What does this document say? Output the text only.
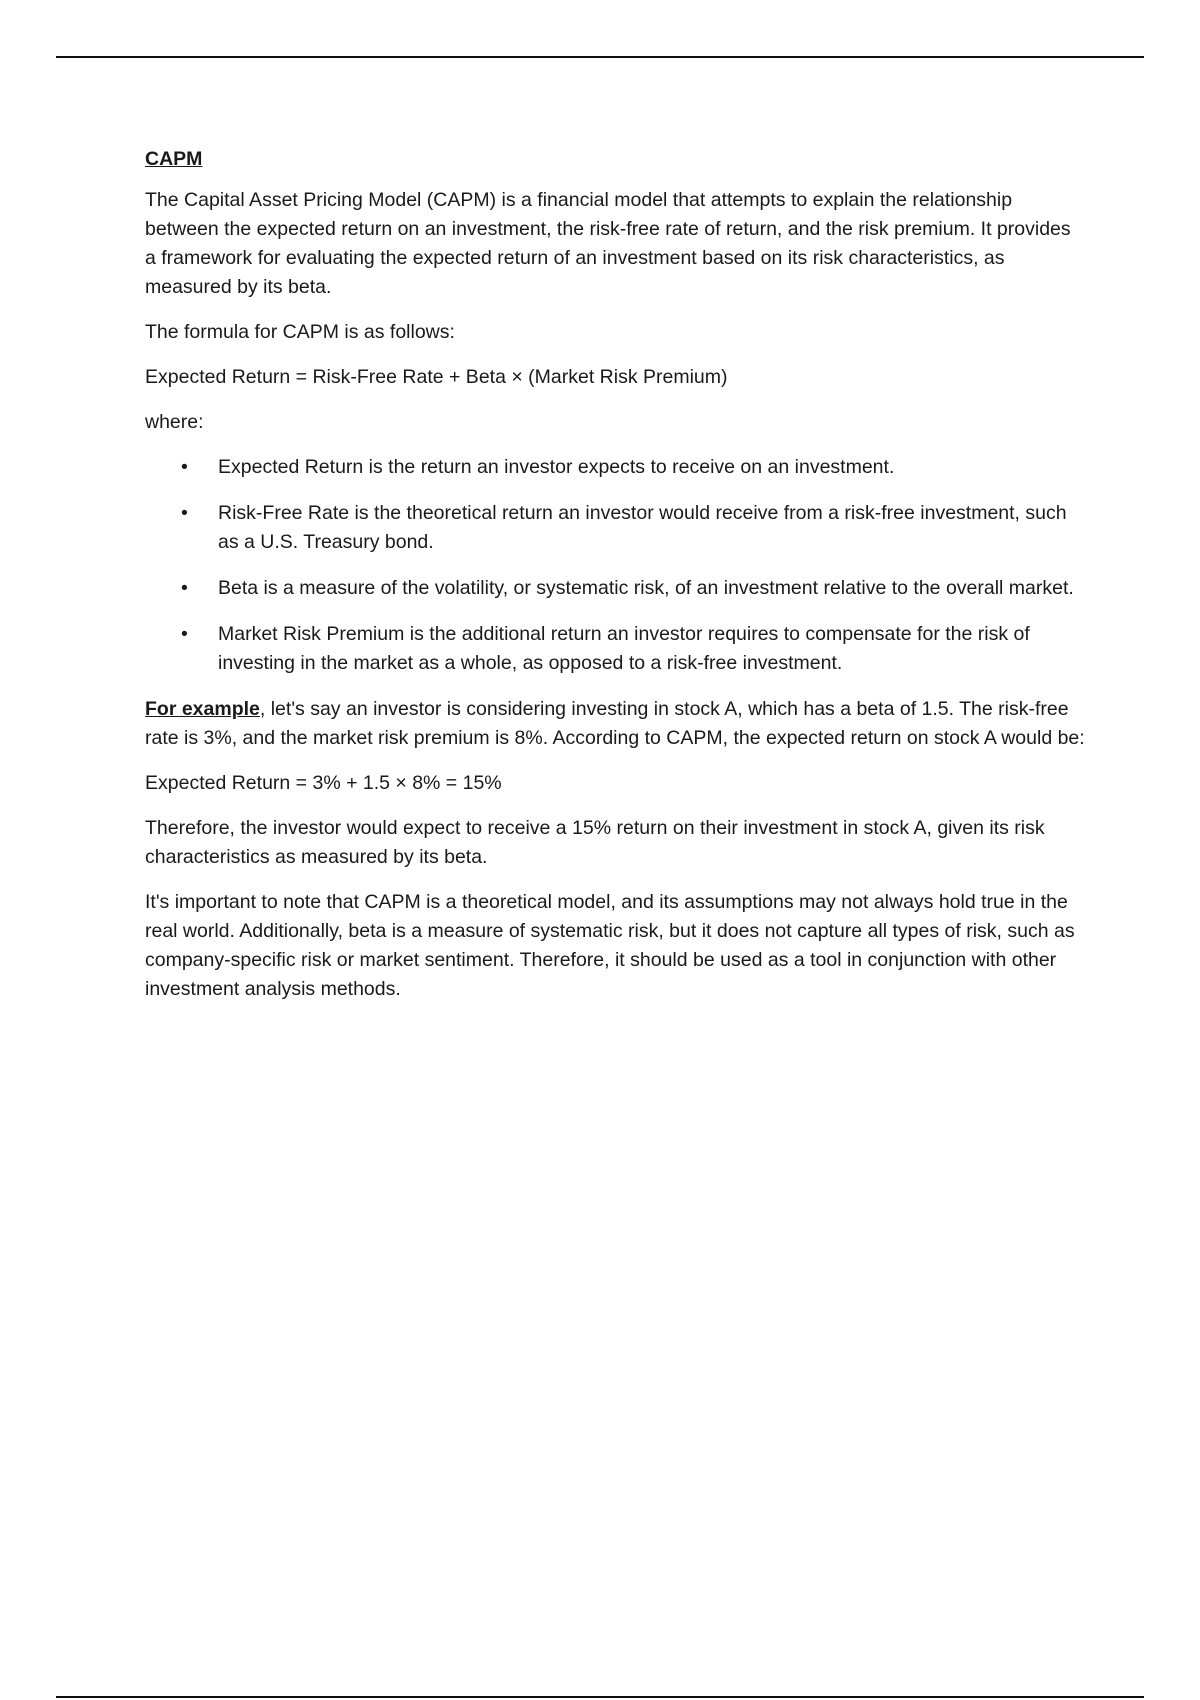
CAPM

The Capital Asset Pricing Model (CAPM) is a financial model that attempts to explain the relationship between the expected return on an investment, the risk-free rate of return, and the risk premium. It provides a framework for evaluating the expected return of an investment based on its risk characteristics, as measured by its beta.

The formula for CAPM is as follows:

Expected Return = Risk-Free Rate + Beta × (Market Risk Premium)

where:

• Expected Return is the return an investor expects to receive on an investment.
• Risk-Free Rate is the theoretical return an investor would receive from a risk-free investment, such as a U.S. Treasury bond.
• Beta is a measure of the volatility, or systematic risk, of an investment relative to the overall market.
• Market Risk Premium is the additional return an investor requires to compensate for the risk of investing in the market as a whole, as opposed to a risk-free investment.

For example, let's say an investor is considering investing in stock A, which has a beta of 1.5. The risk-free rate is 3%, and the market risk premium is 8%. According to CAPM, the expected return on stock A would be:

Expected Return = 3% + 1.5 × 8% = 15%

Therefore, the investor would expect to receive a 15% return on their investment in stock A, given its risk characteristics as measured by its beta.

It's important to note that CAPM is a theoretical model, and its assumptions may not always hold true in the real world. Additionally, beta is a measure of systematic risk, but it does not capture all types of risk, such as company-specific risk or market sentiment. Therefore, it should be used as a tool in conjunction with other investment analysis methods.
